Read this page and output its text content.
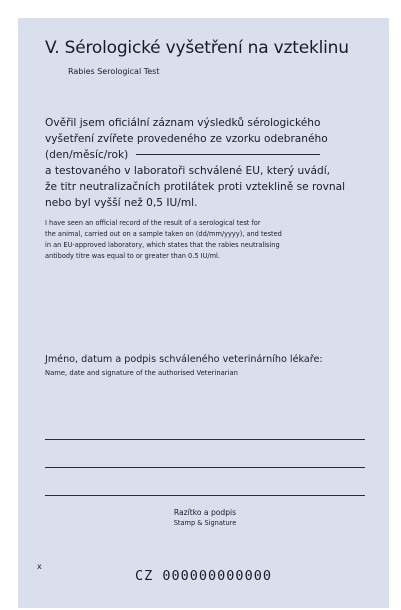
V. Sérologické vyšetření na vzteklinu
Rabies Serological Test
Ověřil jsem oficiální záznam výsledků sérologického
vyšetření zvířete provedeného ze vzorku odebraného
(den/měsíc/rok)
a testovaného v laboratoři schválené EU, který uvádí,
že titr neutralizačních protilátek proti vzteklině se rovnal
nebo byl vyšší než 0,5 IU/ml.
I have seen an official record of the result of a serological test for
the animal, carried out on a sample taken on (dd/mm/yyyy), and tested
in an EU-approved laboratory, which states that the rabies neutralising
antibody titre was equal to or greater than 0.5 IU/ml.
Jméno, datum a podpis schváleného veterinárního lékaře:
Name, date and signature of the authorised Veterinarian
Razítko a podpis
Stamp & Signature
x
CZ 000000000000
